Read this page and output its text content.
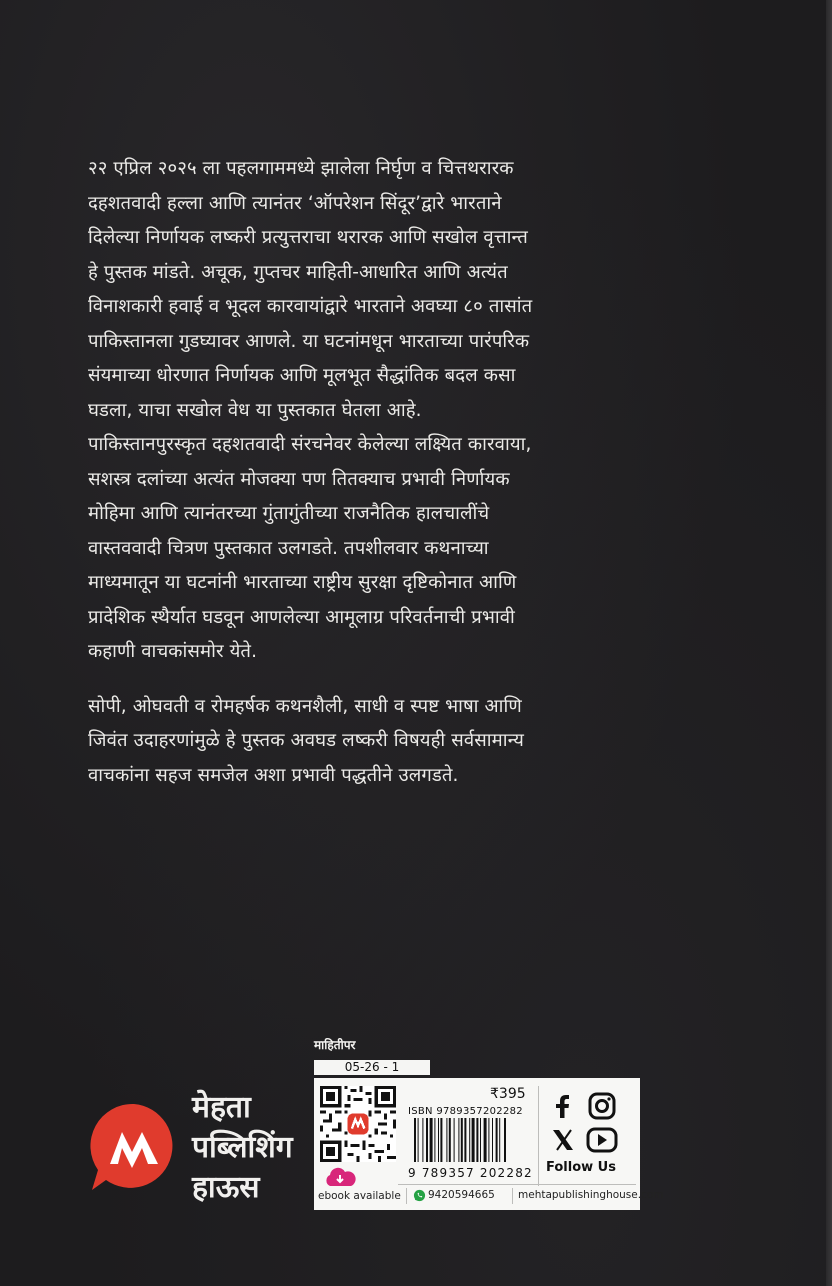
२२ एप्रिल २०२५ ला पहलगाममध्ये झालेला निर्घृण व चित्तथरारक
दहशतवादी हल्ला आणि त्यानंतर ‘ऑपरेशन सिंदूर’द्वारे भारताने
दिलेल्या निर्णायक लष्करी प्रत्युत्तराचा थरारक आणि सखोल वृत्तान्त
हे पुस्तक मांडते. अचूक, गुप्तचर माहिती-आधारित आणि अत्यंत
विनाशकारी हवाई व भूदल कारवायांद्वारे भारताने अवघ्या ८० तासांत
पाकिस्तानला गुडघ्यावर आणले. या घटनांमधून भारताच्या पारंपरिक
संयमाच्या धोरणात निर्णायक आणि मूलभूत सैद्धांतिक बदल कसा
घडला, याचा सखोल वेध या पुस्तकात घेतला आहे.
पाकिस्तानपुरस्कृत दहशतवादी संरचनेवर केलेल्या लक्ष्यित कारवाया,
सशस्त्र दलांच्या अत्यंत मोजक्या पण तितक्याच प्रभावी निर्णायक
मोहिमा आणि त्यानंतरच्या गुंतागुंतीच्या राजनैतिक हालचालींचे
वास्तववादी चित्रण पुस्तकात उलगडते. तपशीलवार कथनाच्या
माध्यमातून या घटनांनी भारताच्या राष्ट्रीय सुरक्षा दृष्टिकोनात आणि
प्रादेशिक स्थैर्यात घडवून आणलेल्या आमूलाग्र परिवर्तनाची प्रभावी
कहाणी वाचकांसमोर येते.

सोपी, ओघवती व रोमहर्षक कथनशैली, साधी व स्पष्ट भाषा आणि
जिवंत उदाहरणांमुळे हे पुस्तक अवघड लष्करी विषयही सर्वसामान्य
वाचकांना सहज समजेल अशा प्रभावी पद्धतीने उलगडते.

मेहता
पब्लिशिंग
हाऊस
माहितीपर
05-26 - 1
ebook available
₹395
ISBN 9789357202282
9 789357 202282 Follow Us
9420594665 mehtapublishinghouse.com
